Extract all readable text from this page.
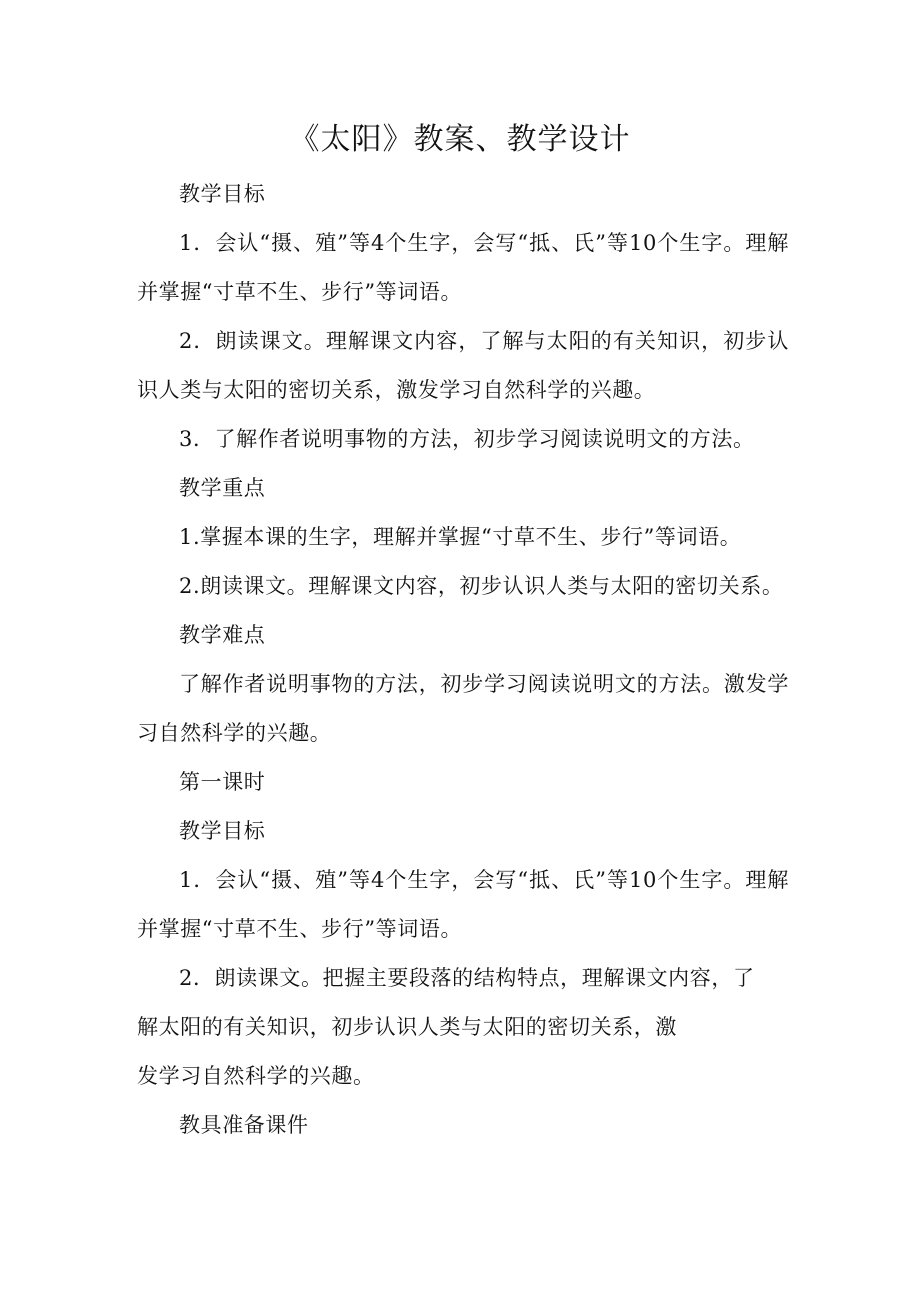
《太阳》教案、教学设计

教学目标

1．会认“摄、殖”等4个生字，会写“抵、氏”等10个生字。理解并掌握“寸草不生、步行”等词语。

2．朗读课文。理解课文内容，了解与太阳的有关知识，初步认识人类与太阳的密切关系，激发学习自然科学的兴趣。

3．了解作者说明事物的方法，初步学习阅读说明文的方法。

教学重点

1.掌握本课的生字，理解并掌握“寸草不生、步行”等词语。

2.朗读课文。理解课文内容，初步认识人类与太阳的密切关系。

教学难点

了解作者说明事物的方法，初步学习阅读说明文的方法。激发学习自然科学的兴趣。

第一课时

教学目标

1．会认“摄、殖”等4个生字，会写“抵、氏”等10个生字。理解并掌握“寸草不生、步行”等词语。

2．朗读课文。把握主要段落的结构特点，理解课文内容，了
解太阳的有关知识，初步认识人类与太阳的密切关系，激
发学习自然科学的兴趣。

教具准备课件
